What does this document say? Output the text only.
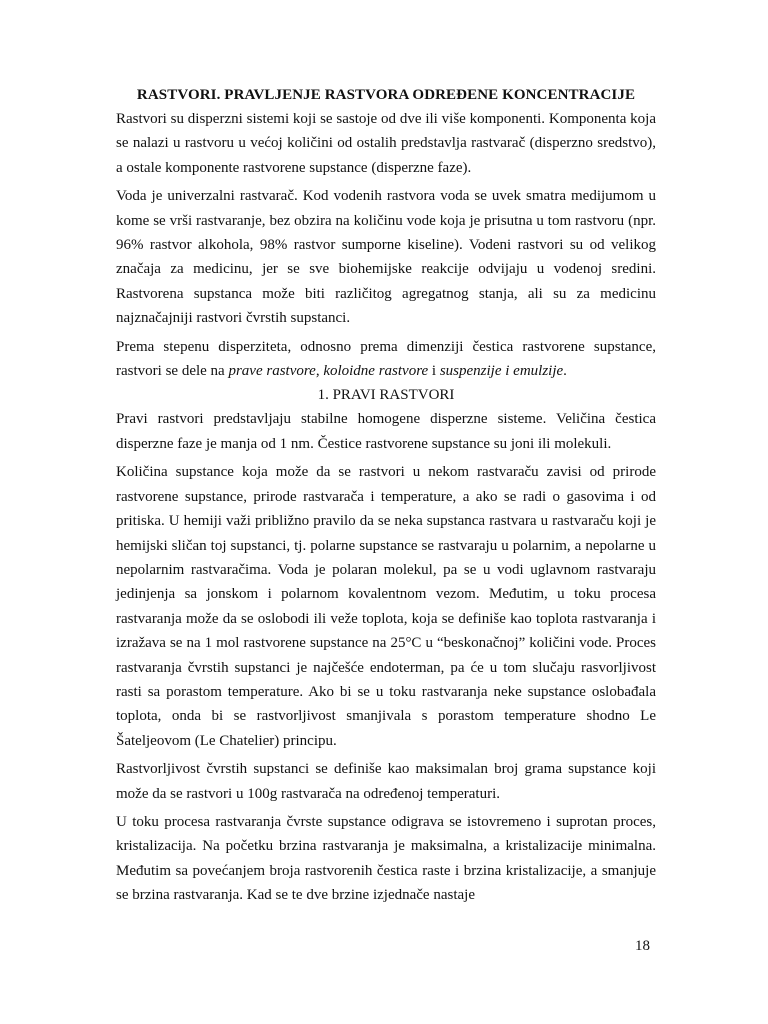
RASTVORI. PRAVLJENJE RASTVORA ODREĐENE KONCENTRACIJE

Rastvori su disperzni sistemi koji se sastoje od dve ili više komponenti. Komponenta koja se nalazi u rastvoru u većoj količini od ostalih predstavlja rastvarač (disperzno sredstvo), a ostale komponente rastvorene supstance (disperzne faze).

Voda je univerzalni rastvarač. Kod vodenih rastvora voda se uvek smatra medijumom u kome se vrši rastvaranje, bez obzira na količinu vode koja je prisutna u tom rastvoru (npr. 96% rastvor alkohola, 98% rastvor sumporne kiseline). Vodeni rastvori su od velikog značaja za medicinu, jer se sve biohemijske reakcije odvijaju u vodenoj sredini. Rastvorena supstanca može biti različitog agregatnog stanja, ali su za medicinu najznačajniji rastvori čvrstih supstanci.

Prema stepenu disperziteta, odnosno prema dimenziji čestica rastvorene supstance, rastvori se dele na prave rastvore, koloidne rastvore i suspenzije i emulzije.

1. PRAVI RASTVORI

Pravi rastvori predstavljaju stabilne homogene disperzne sisteme. Veličina čestica disperzne faze je manja od 1 nm. Čestice rastvorene supstance su joni ili molekuli.

Količina supstance koja može da se rastvori u nekom rastvaraču zavisi od prirode rastvorene supstance, prirode rastvarača i temperature, a ako se radi o gasovima i od pritiska. U hemiji važi približno pravilo da se neka supstanca rastvara u rastvaraču koji je hemijski sličan toj supstanci, tj. polarne supstance se rastvaraju u polarnim, a nepolarne u nepolarnim rastvaračima. Voda je polaran molekul, pa se u vodi uglavnom rastvaraju jedinjenja sa jonskom i polarnom kovalentnom vezom. Međutim, u toku procesa rastvaranja može da se oslobodi ili veže toplota, koja se definiše kao toplota rastvaranja i izražava se na 1 mol rastvorene supstance na 25°C u “beskonačnoj” količini vode. Proces rastvaranja čvrstih supstanci je najčešće endoterman, pa će u tom slučaju rasvorljivost rasti sa porastom temperature. Ako bi se u toku rastvaranja neke supstance oslobađala toplota, onda bi se rastvorljivost smanjivala s porastom temperature shodno Le Šateljeovom (Le Chatelier) principu.

Rastvorljivost čvrstih supstanci se definiše kao maksimalan broj grama supstance koji može da se rastvori u 100g rastvarača na određenoj temperaturi.

U toku procesa rastvaranja čvrste supstance odigrava se istovremeno i suprotan proces, kristalizacija. Na početku brzina rastvaranja je maksimalna, a kristalizacije minimalna. Međutim sa povećanjem broja rastvorenih čestica raste i brzina kristalizacije, a smanjuje se brzina rastvaranja. Kad se te dve brzine izjednače nastaje

18
